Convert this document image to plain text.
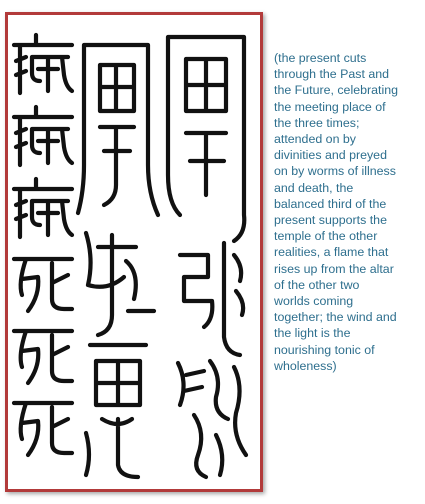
(the present cuts
through the Past and
the Future, celebrating
the meeting place of
the three times;
attended on by
divinities and preyed
on by worms of illness
and death, the
balanced third of the
present supports the
temple of the other
realities, a flame that
rises up from the altar
of the other two
worlds coming
together; the wind and
the light is the
nourishing tonic of
wholeness)
